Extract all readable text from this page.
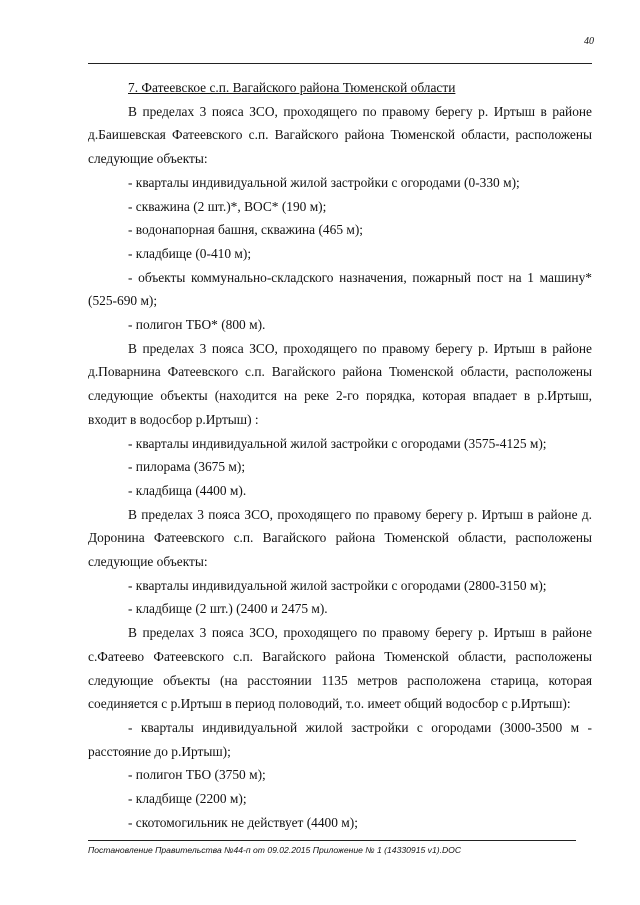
40

7. Фатеевское с.п. Вагайского района Тюменской области

В пределах 3 пояса ЗСО, проходящего по правому берегу р. Иртыш в районе д.Баишевская Фатеевского с.п. Вагайского района Тюменской области, расположены следующие объекты:

- кварталы индивидуальной жилой застройки с огородами (0-330 м);

- скважина (2 шт.)*, ВОС* (190 м);

- водонапорная башня, скважина (465 м);

- кладбище (0-410 м);

- объекты коммунально-складского назначения, пожарный пост на 1 машину* (525-690 м);

- полигон ТБО* (800 м).

В пределах 3 пояса ЗСО, проходящего по правому берегу р. Иртыш в районе д.Поварнина Фатеевского с.п. Вагайского района Тюменской области, расположены следующие объекты (находится на реке 2-го порядка, которая впадает в р.Иртыш, входит в водосбор р.Иртыш) :

- кварталы индивидуальной жилой застройки с огородами (3575-4125 м);

- пилорама (3675 м);

- кладбища (4400 м).

В пределах 3 пояса ЗСО, проходящего по правому берегу р. Иртыш в районе д. Доронина Фатеевского с.п. Вагайского района Тюменской области, расположены следующие объекты:

- кварталы индивидуальной жилой застройки с огородами (2800-3150 м);

- кладбище (2 шт.) (2400 и 2475 м).

В пределах 3 пояса ЗСО, проходящего по правому берегу р. Иртыш в районе с.Фатеево Фатеевского с.п. Вагайского района Тюменской области, расположены следующие объекты (на расстоянии 1135 метров расположена старица, которая соединяется с р.Иртыш в период половодий, т.о. имеет общий водосбор с р.Иртыш):

- кварталы индивидуальной жилой застройки с огородами (3000-3500 м - расстояние до р.Иртыш);

- полигон ТБО (3750 м);

- кладбище (2200 м);

- скотомогильник не действует (4400 м);

Постановление Правительства №44-п от 09.02.2015 Приложение № 1 (14330915 v1).DOC
